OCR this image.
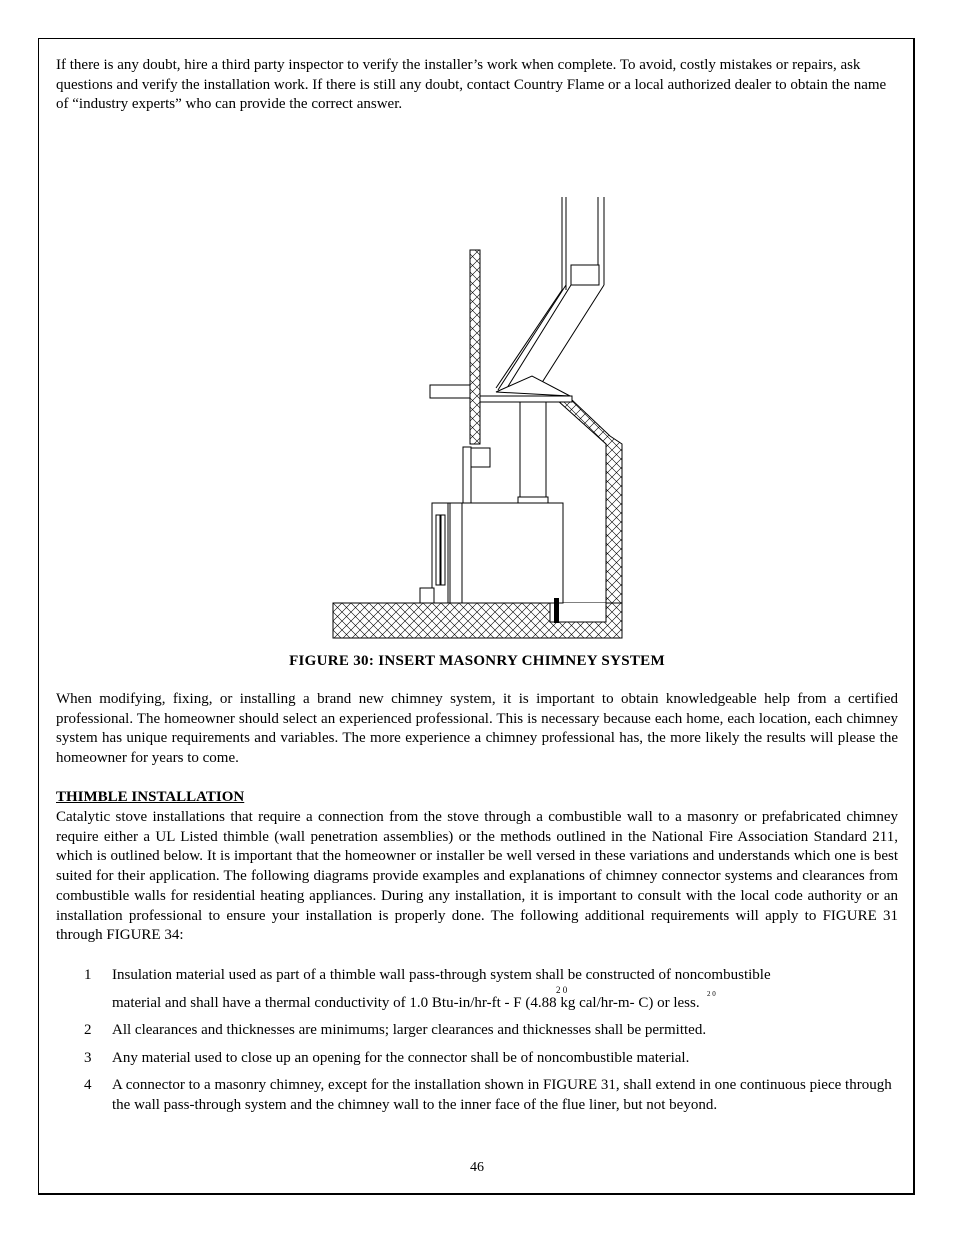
If there is any doubt, hire a third party inspector to verify the installer’s work when complete. To avoid, costly mistakes or repairs, ask questions and verify the installation work. If there is still any doubt, contact Country Flame or a local authorized dealer to obtain the name of “industry experts” who can provide the correct answer.

FIGURE 30: INSERT MASONRY CHIMNEY SYSTEM

When modifying, fixing, or installing a brand new chimney system, it is important to obtain knowledgeable help from a certified professional. The homeowner should select an experienced professional. This is necessary because each home, each location, each chimney system has unique requirements and variables. The more experience a chimney professional has, the more likely the results will please the homeowner for years to come.

THIMBLE INSTALLATION

Catalytic stove installations that require a connection from the stove through a combustible wall to a masonry or prefabricated chimney require either a UL Listed thimble (wall penetration assemblies) or the methods outlined in the National Fire Association Standard 211, which is outlined below. It is important that the homeowner or installer be well versed in these variations and understands which one is best suited for their application. The following diagrams provide examples and explanations of chimney connector systems and clearances from combustible walls for residential heating appliances. During any installation, it is important to consult with the local code authority or an installation professional to ensure your installation is properly done. The following additional requirements will apply to FIGURE 31 through FIGURE 34:

1 Insulation material used as part of a thimble wall pass-through system shall be constructed of noncombustible
material and shall have a thermal conductivity of 1.0 Btu-in/hr-ft - F (4.88 kg cal/hr-m- C) or less.
2 0	2 0
2 All clearances and thicknesses are minimums; larger clearances and thicknesses shall be permitted.
3 Any material used to close up an opening for the connector shall be of noncombustible material.
4 A connector to a masonry chimney, except for the installation shown in FIGURE 31, shall extend in one continuous piece through the wall pass-through system and the chimney wall to the inner face of the flue liner, but not beyond.
46
